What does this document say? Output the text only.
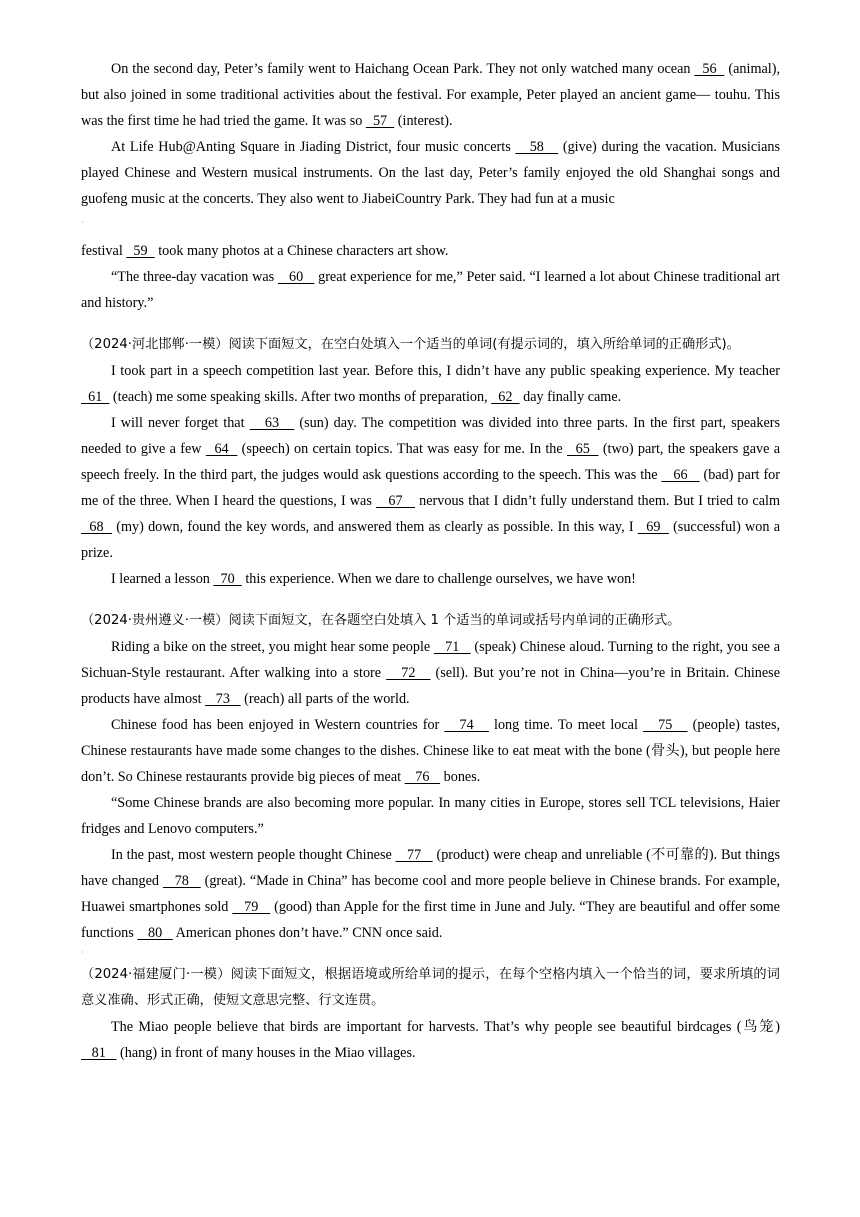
On the second day, Peter’s family went to Haichang Ocean Park. They not only watched many ocean   56   (animal), but also joined in some traditional activities about the festival. For example, Peter played an ancient game— touhu. This was the first time he had tried the game. It was so   57   (interest).

At Life Hub@Anting Square in Jiading District, four music concerts    58    (give) during the vacation. Musicians played Chinese and Western musical instruments. On the last day, Peter’s family enjoyed the old Shanghai songs and guofeng music at the concerts. They also went to JiabeiCountry Park. They had fun at a music

·

festival   59   took many photos at a Chinese characters art show.

“The three-day vacation was    60    great experience for me,” Peter said. “I learned a lot about Chinese traditional art and history.”

（2024·河北邯郸·一模）阅读下面短文，在空白处填入一个适当的单词(有提示词的，填入所给单词的正确形式)。

I took part in a speech competition last year. Before this, I didn’t have any public speaking experience. My teacher   61   (teach) me some speaking skills. After two months of preparation,   62   day finally came.

I will never forget that    63    (sun) day. The competition was divided into three parts. In the first part, speakers needed to give a few   64   (speech) on certain topics. That was easy for me. In the   65   (two) part, the speakers gave a speech freely. In the third part, the judges would ask questions according to the speech. This was the    66    (bad) part for me of the three. When I heard the questions, I was    67    nervous that I didn’t fully understand them. But I tried to calm   68   (my) down, found the key words, and answered them as clearly as possible. In this way, I   69   (successful) won a prize.

I learned a lesson   70   this experience. When we dare to challenge ourselves, we have won!

（2024·贵州遵义·一模）阅读下面短文，在各题空白处填入 1 个适当的单词或括号内单词的正确形式。

Riding a bike on the street, you might hear some people    71    (speak) Chinese aloud. Turning to the right, you see a Sichuan-Style restaurant. After walking into a store    72    (sell). But you’re not in China—you’re in Britain. Chinese products have almost    73    (reach) all parts of the world.

Chinese food has been enjoyed in Western countries for    74    long time. To meet local    75    (people) tastes, Chinese restaurants have made some changes to the dishes. Chinese like to eat meat with the bone (骨头), but people here don’t. So Chinese restaurants provide big pieces of meat    76    bones.

“Some Chinese brands are also becoming more popular. In many cities in Europe, stores sell TCL televisions, Haier fridges and Lenovo computers.”

In the past, most western people thought Chinese    77    (product) were cheap and unreliable (不可靠的). But things have changed    78    (great). “Made in China” has become cool and more people believe in Chinese brands. For example, Huawei smartphones sold    79    (good) than Apple for the first time in June and July. “They are beautiful and offer some functions    80    American phones don’t have.” CNN once said.

·

（2024·福建厦门·一模）阅读下面短文，根据语境或所给单词的提示，在每个空格内填入一个恰当的词，要求所填的词意义准确、形式正确，使短文意思完整、行文连贯。

The Miao people believe that birds are important for harvests. That’s why people see beautiful birdcages (鸟笼)    81    (hang) in front of many houses in the Miao villages.
